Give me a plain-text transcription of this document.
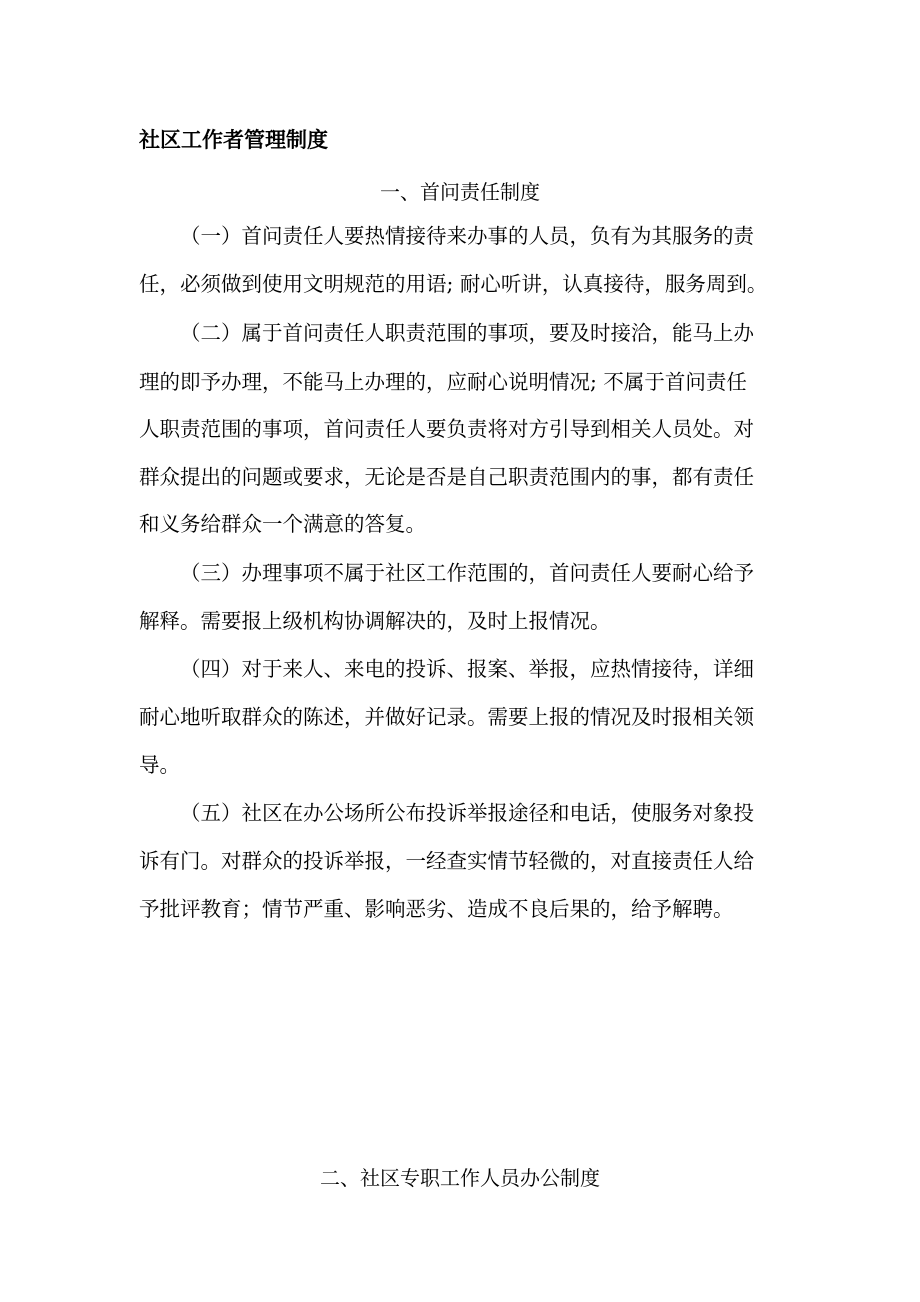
社区工作者管理制度
一、首问责任制度
（一）首问责任人要热情接待来办事的人员，负有为其服务的责
任，必须做到使用文明规范的用语; 耐心听讲，认真接待，服务周到。
（二）属于首问责任人职责范围的事项，要及时接洽，能马上办
理的即予办理，不能马上办理的，应耐心说明情况; 不属于首问责任
人职责范围的事项，首问责任人要负责将对方引导到相关人员处。对
群众提出的问题或要求，无论是否是自己职责范围内的事，都有责任
和义务给群众一个满意的答复。
（三）办理事项不属于社区工作范围的，首问责任人要耐心给予
解释。需要报上级机构协调解决的，及时上报情况。
（四）对于来人、来电的投诉、报案、举报，应热情接待，详细
耐心地听取群众的陈述，并做好记录。需要上报的情况及时报相关领
导。
（五）社区在办公场所公布投诉举报途径和电话，使服务对象投
诉有门。对群众的投诉举报，一经查实情节轻微的，对直接责任人给
予批评教育；情节严重、影响恶劣、造成不良后果的，给予解聘。
二、社区专职工作人员办公制度
